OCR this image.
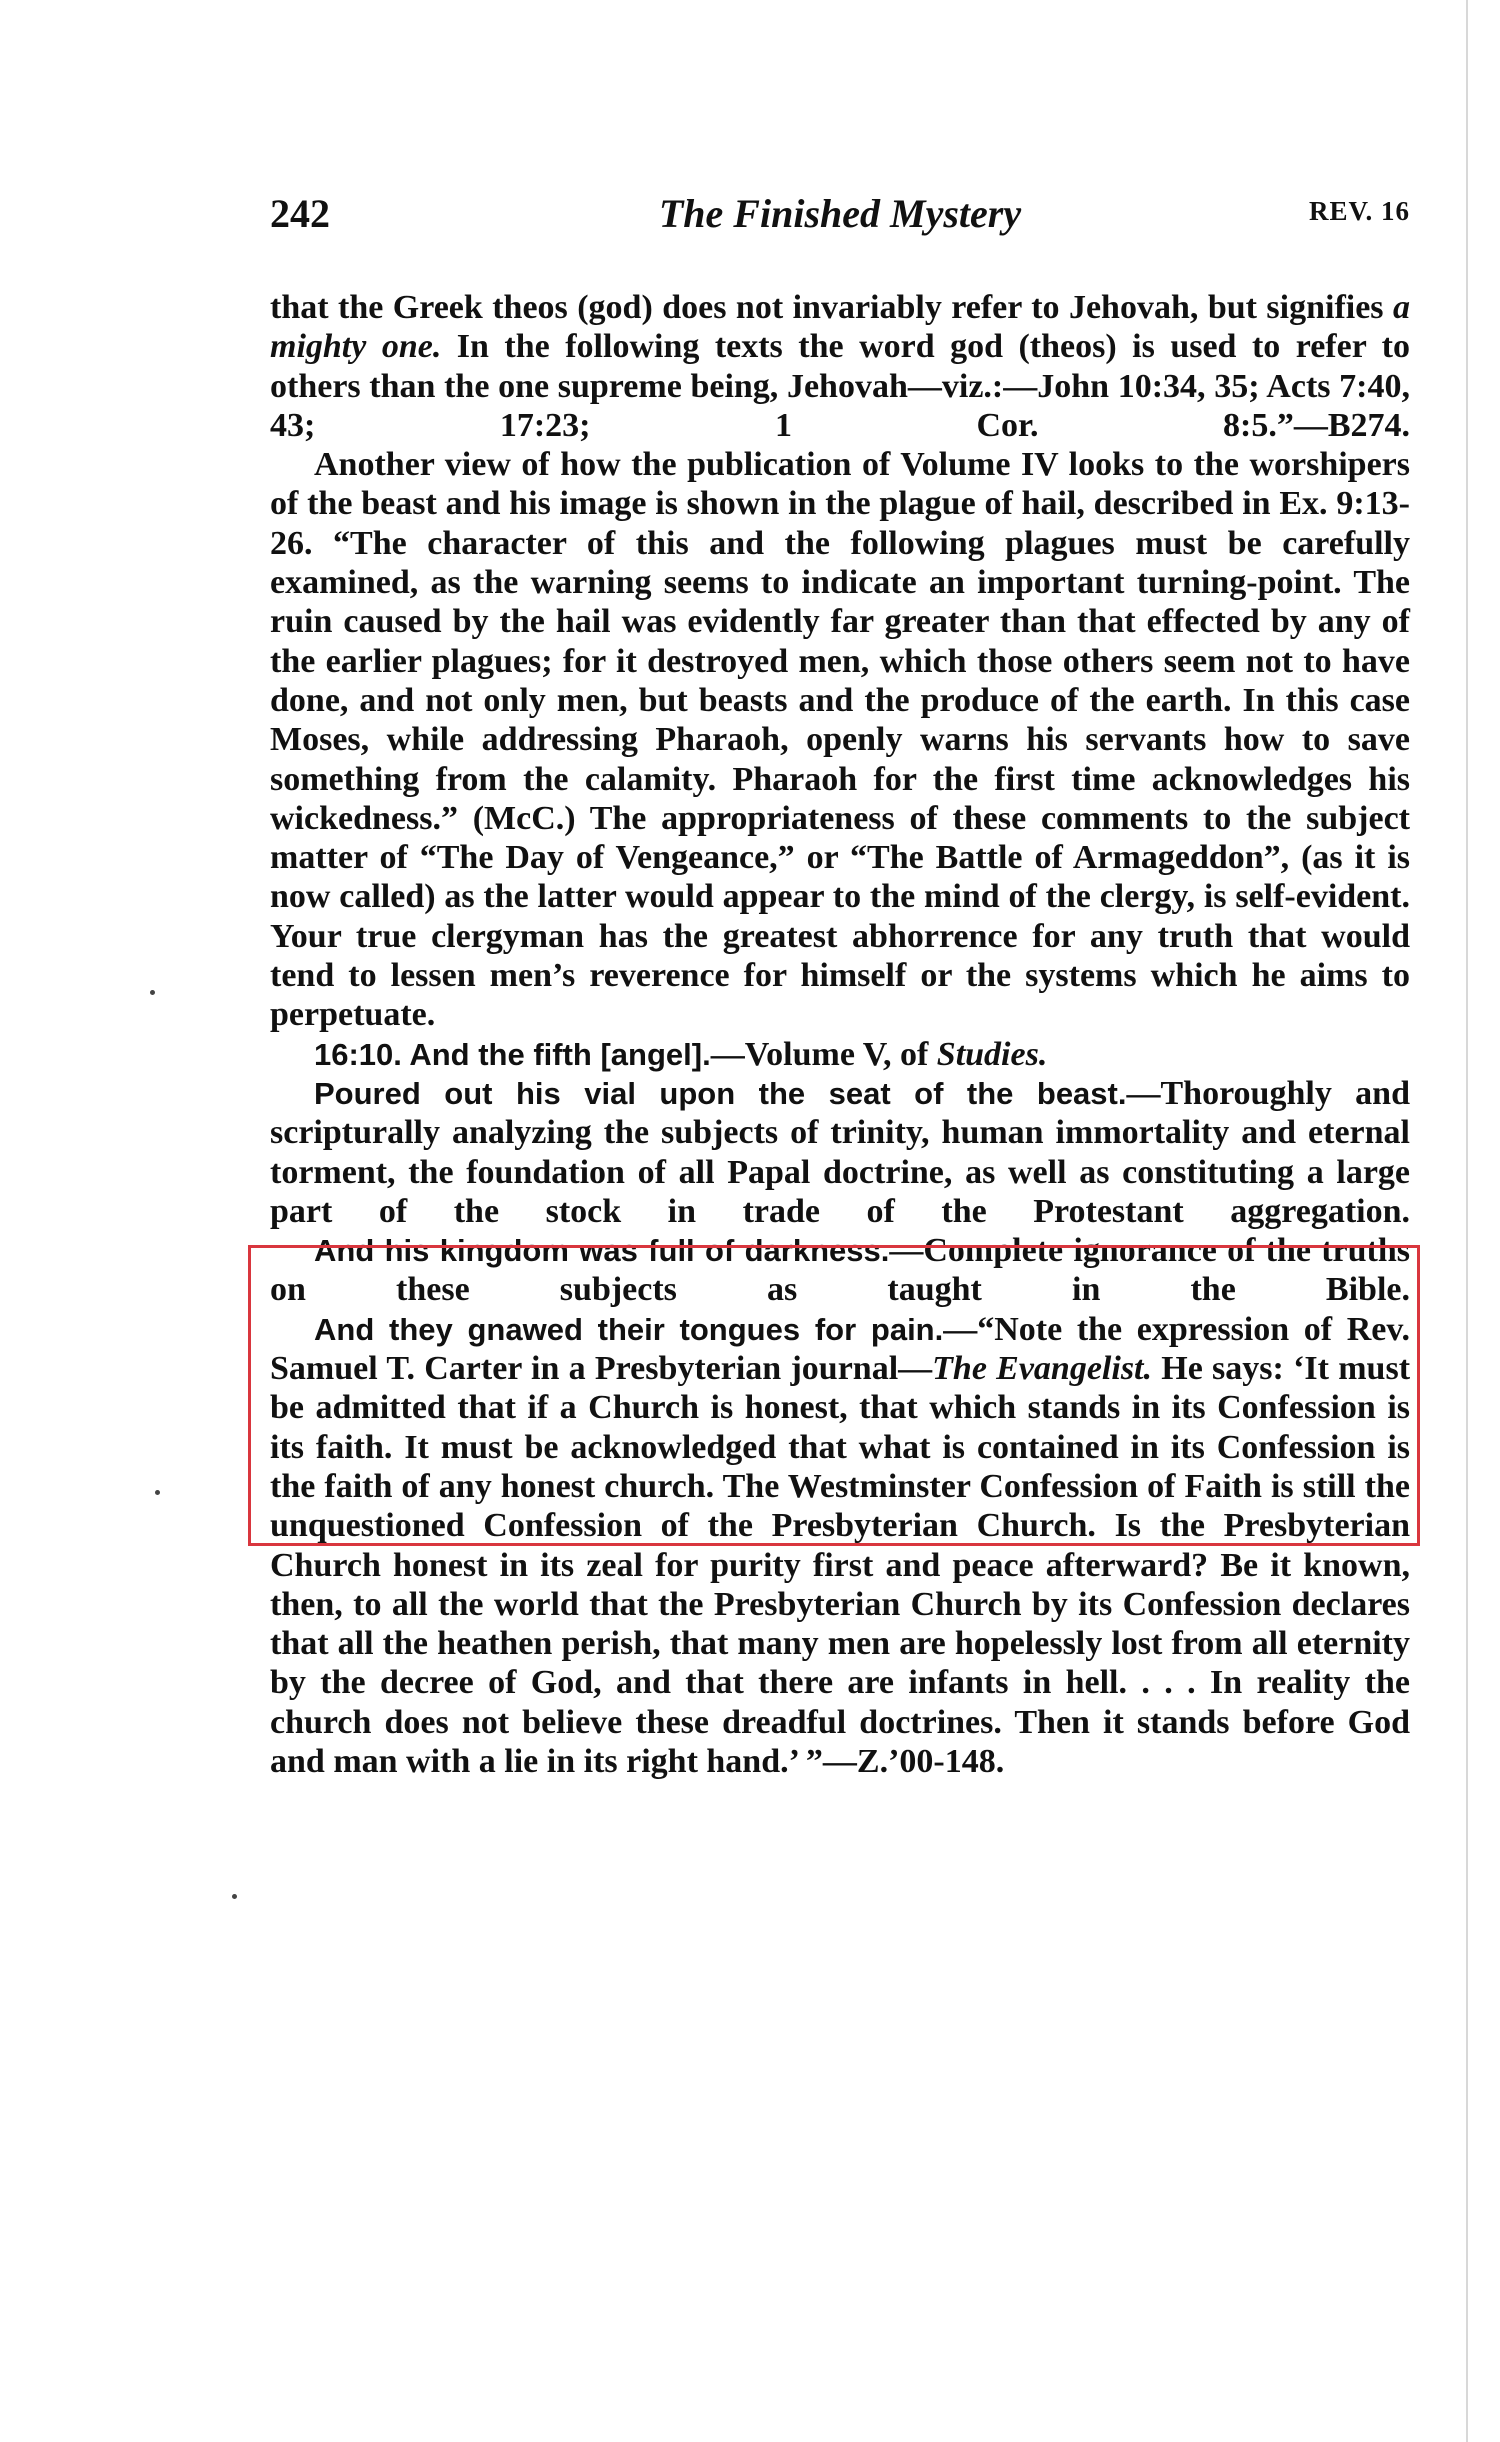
242	The Finished Mystery	REV. 16

that the Greek theos (god) does not invariably refer to Jehovah, but signifies a mighty one. In the following texts the word god (theos) is used to refer to others than the one supreme being, Jehovah—viz.:—John 10:34, 35; Acts 7:40, 43; 17:23; 1 Cor. 8:5.”—B274.

Another view of how the publication of Volume IV looks to the worshipers of the beast and his image is shown in the plague of hail, described in Ex. 9:13-26. “The character of this and the following plagues must be carefully examined, as the warning seems to indicate an important turning-point. The ruin caused by the hail was evidently far greater than that effected by any of the earlier plagues; for it destroyed men, which those others seem not to have done, and not only men, but beasts and the produce of the earth. In this case Moses, while addressing Pharaoh, openly warns his servants how to save something from the calamity. Pharaoh for the first time acknowledges his wickedness.” (McC.) The appropriateness of these comments to the subject matter of “The Day of Vengeance,” or “The Battle of Armageddon”, (as it is now called) as the latter would appear to the mind of the clergy, is self-evident. Your true clergyman has the greatest abhorrence for any truth that would tend to lessen men’s reverence for himself or the systems which he aims to perpetuate.

16:10. And the fifth [angel].—Volume V, of Studies.

Poured out his vial upon the seat of the beast.—Thoroughly and scripturally analyzing the subjects of trinity, human immortality and eternal torment, the foundation of all Papal doctrine, as well as constituting a large part of the stock in trade of the Protestant aggregation.

And his kingdom was full of darkness.—Complete ignorance of the truths on these subjects as taught in the Bible.

And they gnawed their tongues for pain.—“Note the expression of Rev. Samuel T. Carter in a Presbyterian journal—The Evangelist. He says: ‘It must be admitted that if a Church is honest, that which stands in its Confession is its faith. It must be acknowledged that what is contained in its Confession is the faith of any honest church. The Westminster Confession of Faith is still the unquestioned Confession of the Presbyterian Church. Is the Presbyterian Church honest in its zeal for purity first and peace afterward? Be it known, then, to all the world that the Presbyterian Church by its Confession declares that all the heathen perish, that many men are hopelessly lost from all eternity by the decree of God, and that there are infants in hell. . . . In reality the church does not believe these dreadful doctrines. Then it stands before God and man with a lie in its right hand.’ ”—Z.’00-148.
